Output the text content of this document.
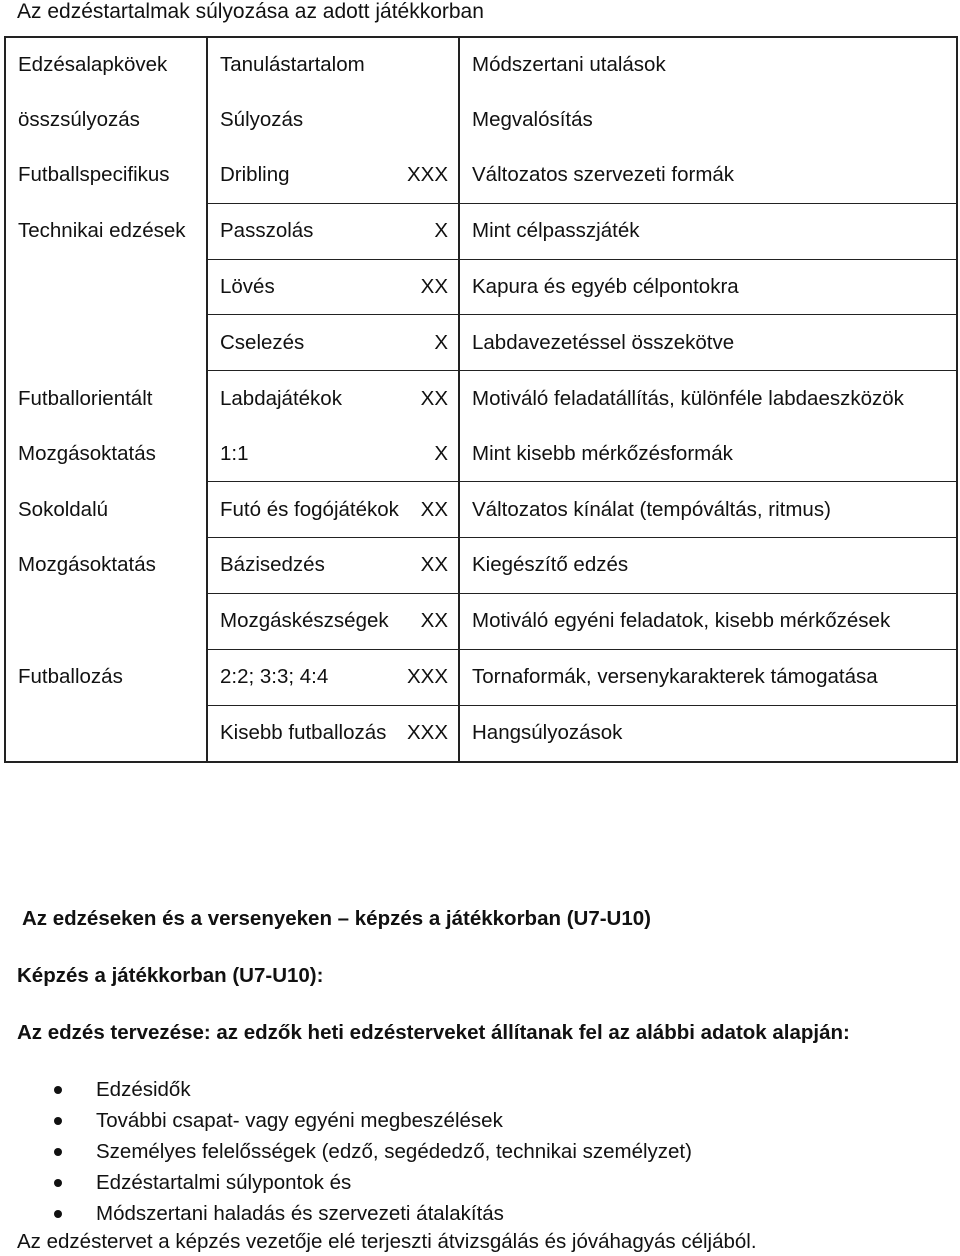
Az edzéstartalmak súlyozása az adott játékkorban
Edzésalapkövek	Tanulástartalom	Módszertani utalások
összsúlyozás	Súlyozás	Megvalósítás
Futballspecifikus	Dribling XXX	Változatos szervezeti formák
Technikai edzések	Passzolás X	Mint célpasszjáték

	Lövés XX	Kapura és egyéb célpontokra

	Cselezés X	Labdavezetéssel összekötve
Futballorientált	Labdajátékok XX	Motiváló feladatállítás, különféle labdaeszközök
Mozgásoktatás	1:1 X	Mint kisebb mérkőzésformák
Sokoldalú	Futó és fogójátékok XX	Változatos kínálat (tempóváltás, ritmus)
Mozgásoktatás	Bázisedzés XX	Kiegészítő edzés

	Mozgáskészségek XX	Motiváló egyéni feladatok, kisebb mérkőzések
Futballozás	2:2; 3:3; 4:4 XXX	Tornaformák, versenykarakterek támogatása

	Kisebb futballozás XXX	Hangsúlyozások
Az edzéseken és a versenyeken – képzés a játékkorban (U7-U10)
Képzés a játékkorban (U7-U10):
Az edzés tervezése: az edzők heti edzésterveket állítanak fel az alábbi adatok alapján:
Edzésidők
További csapat- vagy egyéni megbeszélések
Személyes felelősségek (edző, segédedző, technikai személyzet)
Edzéstartalmi súlypontok és
Módszertani haladás és szervezeti átalakítás
Az edzéstervet a képzés vezetője elé terjeszti átvizsgálás és jóváhagyás céljából.
